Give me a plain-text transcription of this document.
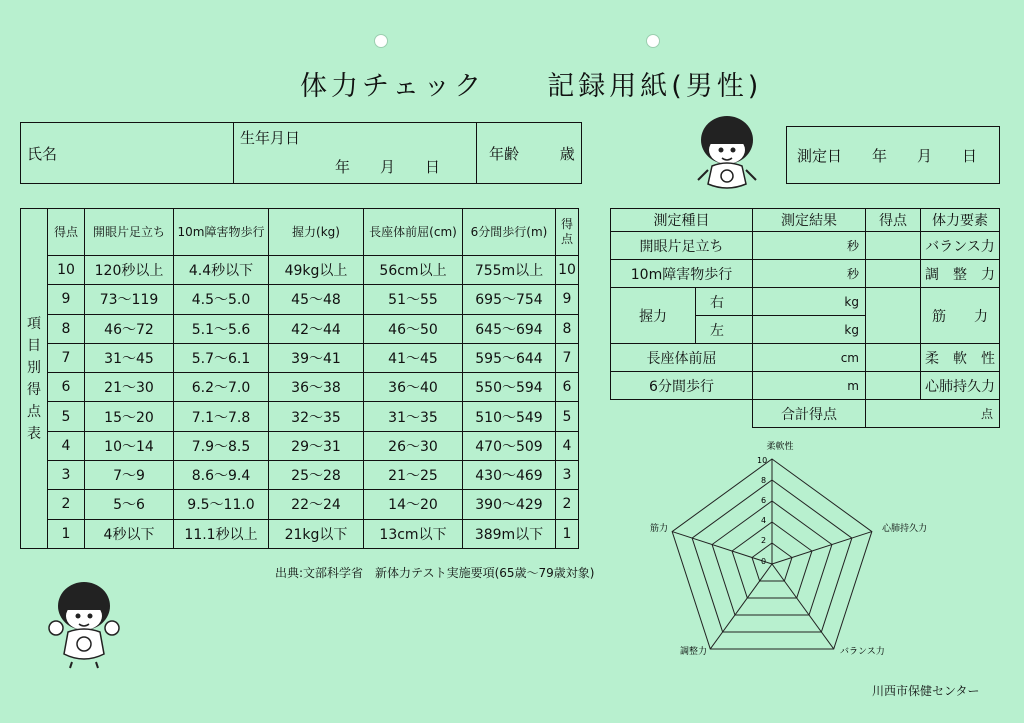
体力チェック　　記録用紙(男性)
氏名	
生年月日
年　　月　　日
	年齢	歳	測定日　　 年　　月　　日
項目別得点表	得点	開眼片足立ち	10m障害物歩行	握力(kg)	長座体前屈(cm)	6分間歩行(m)	得点
	10	120秒以上	4.4秒以下	49kg以上	56cm以上	755m以上	10
	9	73〜119	4.5〜5.0	45〜48	51〜55	695〜754	9
	8	46〜72	5.1〜5.6	42〜44	46〜50	645〜694	8
	7	31〜45	5.7〜6.1	39〜41	41〜45	595〜644	7
	6	21〜30	6.2〜7.0	36〜38	36〜40	550〜594	6
	5	15〜20	7.1〜7.8	32〜35	31〜35	510〜549	5
	4	10〜14	7.9〜8.5	29〜31	26〜30	470〜509	4
	3	7〜9	8.6〜9.4	25〜28	21〜25	430〜469	3
	2	5〜6	9.5〜11.0	22〜24	14〜20	390〜429	2
	1	4秒以下	11.1秒以上	21kg以下	13cm以下	389m以下	1
出典:文部科学省　新体力テスト実施要項(65歳〜79歳対象)
測定種目		測定結果	得点	体力要素
開眼片足立ち		秒		バランス力
10m障害物歩行		秒		調　整　力
握力	右	kg		筋　　力
	左	kg		

長座体前屈		cm		柔　軟　性
6分間歩行		m		心肺持久力
		合計得点	点	
柔軟性
心肺持久力
バランス力
調整力
筋力
10
8
6
4
2
0
川西市保健センター
